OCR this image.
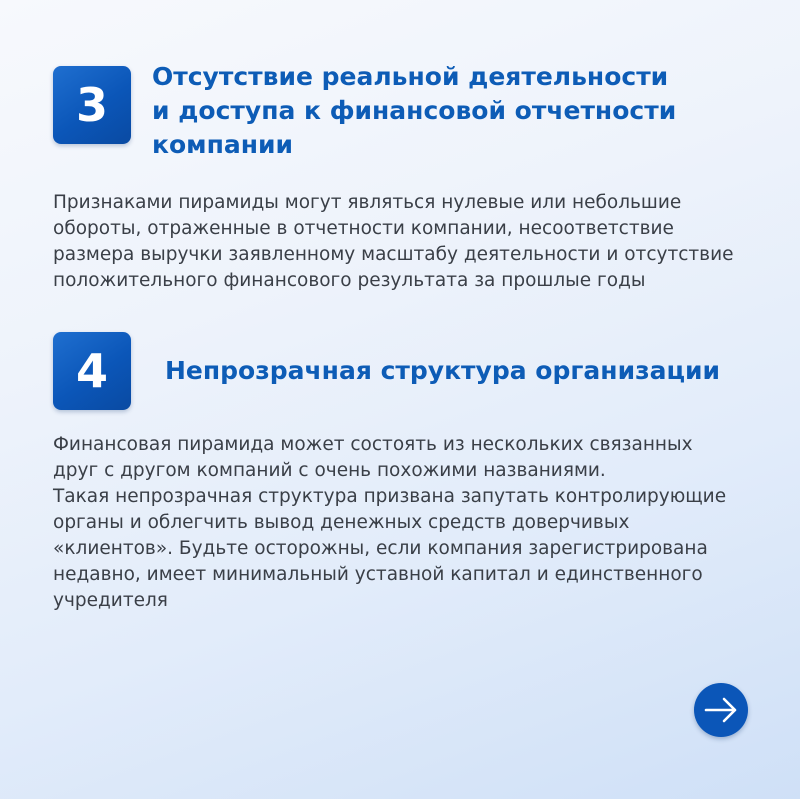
3
Отсутствие реальной деятельности
и доступа к финансовой отчетности
компании

Признаками пирамиды могут являться нулевые или небольшие
обороты, отраженные в отчетности компании, несоответствие
размера выручки заявленному масштабу деятельности и отсутствие
положительного финансового результата за прошлые годы

4 Непрозрачная структура организации

Финансовая пирамида может состоять из нескольких связанных
друг с другом компаний с очень похожими названиями.
Такая непрозрачная структура призвана запутать контролирующие
органы и облегчить вывод денежных средств доверчивых
«клиентов». Будьте осторожны, если компания зарегистрирована
недавно, имеет минимальный уставной капитал и единственного
учредителя
